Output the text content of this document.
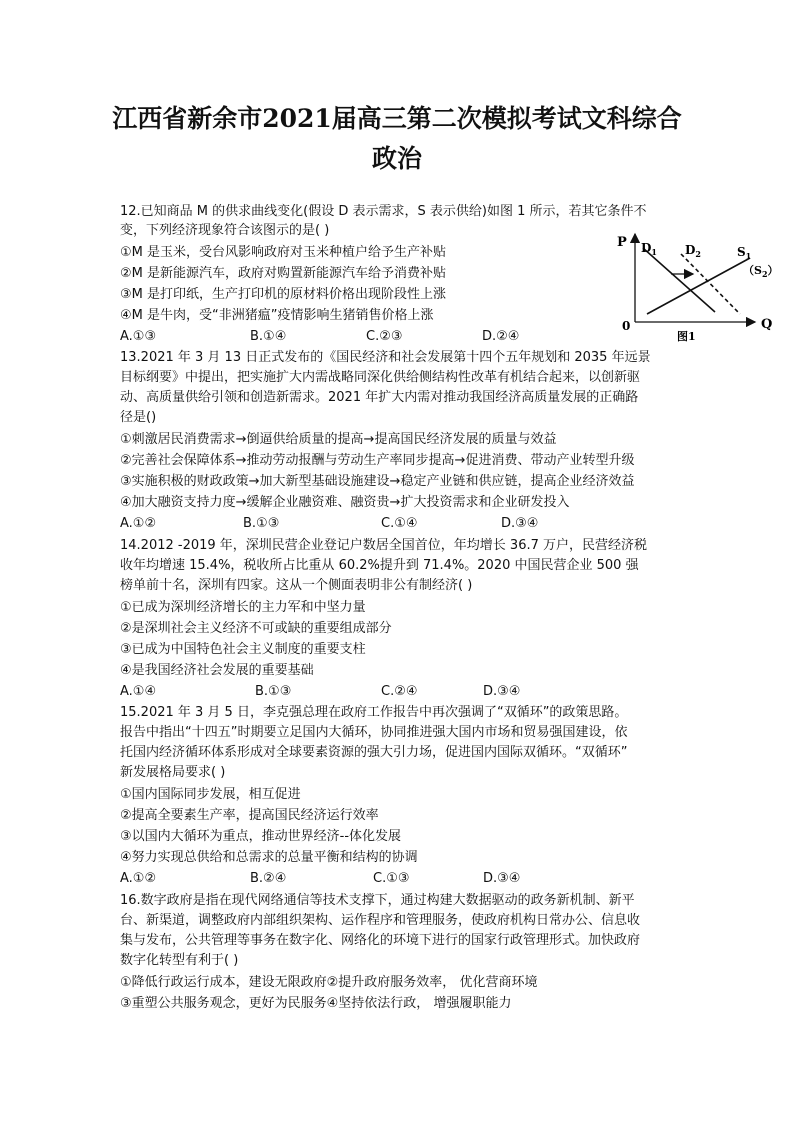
江西省新余市2021届高三第二次模拟考试文科综合
政治
P
Q
0
$D_1$ $D_2$	$S_1$
$(S_2)$
图1
12.已知商品 M 的供求曲线变化(假设 D 表示需求，S 表示供给)如图 1 所示，若其它条件不
变，下列经济现象符合该图示的是( )
①M 是玉米，受台风影响政府对玉米种植户给予生产补贴
②M 是新能源汽车，政府对购置新能源汽车给予消费补贴
③M 是打印纸，生产打印机的原材料价格出现阶段性上涨
④M 是牛肉，受“非洲猪瘟”疫情影响生猪销售价格上涨
A.①③	B.①④	C.②③	D.②④
13.2021 年 3 月 13 日正式发布的《国民经济和社会发展第十四个五年规划和 2035 年远景
目标纲要》中提出，把实施扩大内需战略同深化供给侧结构性改革有机结合起来，以创新驱
动、高质量供给引领和创造新需求。2021 年扩大内需对推动我国经济高质量发展的正确路
径是()
①刺激居民消费需求→倒逼供给质量的提高→提高国民经济发展的质量与效益
②完善社会保障体系→推动劳动报酬与劳动生产率同步提高→促进消费、带动产业转型升级
③实施积极的财政政策→加大新型基础设施建设→稳定产业链和供应链，提高企业经济效益
④加大融资支持力度→缓解企业融资难、融资贵→扩大投资需求和企业研发投入
A.①②	B.①③	C.①④	D.③④
14.2012 -2019 年，深圳民营企业登记户数居全国首位，年均增长 36.7 万户，民营经济税
收年均增速 15.4%，税收所占比重从 60.2%提升到 71.4%。2020 中国民营企业 500 强
榜单前十名，深圳有四家。这从一个侧面表明非公有制经济( )
①已成为深圳经济增长的主力军和中坚力量
②是深圳社会主义经济不可或缺的重要组成部分
③已成为中国特色社会主义制度的重要支柱
④是我国经济社会发展的重要基础
A.①④	B.①③	C.②④	D.③④
15.2021 年 3 月 5 日，李克强总理在政府工作报告中再次强调了“双循环”的政策思路。
报告中指出“十四五”时期要立足国内大循环，协同推进强大国内市场和贸易强国建设，依
托国内经济循环体系形成对全球要素资源的强大引力场，促进国内国际双循环。“双循环”
新发展格局要求( )
①国内国际同步发展，相互促进
②提高全要素生产率，提高国民经济运行效率
③以国内大循环为重点，推动世界经济--体化发展
④努力实现总供给和总需求的总量平衡和结构的协调
A.①②	B.②④	C.①③	D.③④
16.数字政府是指在现代网络通信等技术支撑下，通过构建大数据驱动的政务新机制、新平
台、新渠道，调整政府内部组织架构、运作程序和管理服务，使政府机构日常办公、信息收
集与发布，公共管理等事务在数字化、网络化的环境下进行的国家行政管理形式。加快政府
数字化转型有利于( )
①降低行政运行成本，建设无限政府②提升政府服务效率， 优化营商环境
③重塑公共服务观念，更好为民服务④坚持依法行政， 增强履职能力
